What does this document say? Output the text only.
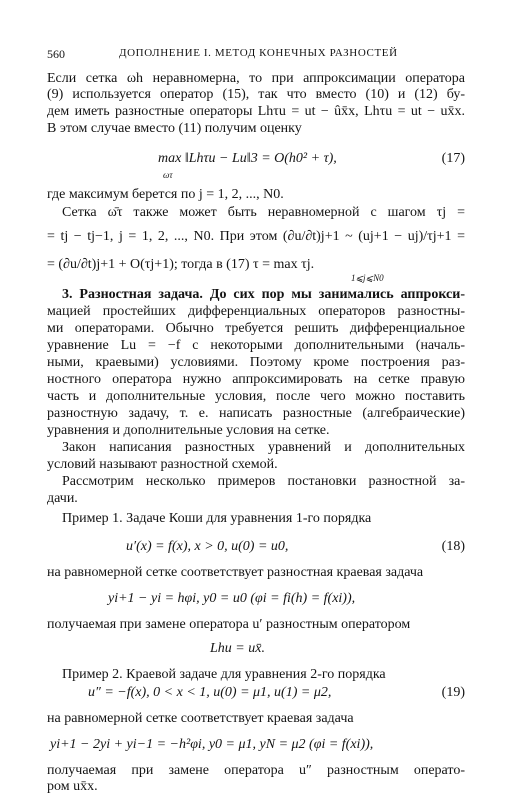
560	ДОПОЛНЕНИЕ I. МЕТОД КОНЕЧНЫХ РАЗНОСТЕЙ
Если сетка ωh неравномерна, то при аппроксимации оператора
(9) используется оператор (15), так что вместо (10) и (12) бу-
дем иметь разностные операторы Lhτu = ut − ûx̄x, Lhτu = ut − ux̄x.
В этом случае вместо (11) получим оценку
max ‖Lhτu − Lu‖3 = O(h0² + τ),
ωτ
(17)
где максимум берется по j = 1, 2, ..., N0.
Сетка ω̄τ также может быть неравномерной с шагом τj =
= tj − tj−1, j = 1, 2, ..., N0. При этом (∂u/∂t)j+1 ~ (uj+1 − uj)/τj+1 =
= (∂u/∂t)j+1 + O(τj+1); тогда в (17) τ = max τj.
1⩽j⩽N0
3. Разностная задача. До сих пор мы занимались аппрокси-
мацией простейших дифференциальных операторов разностны-
ми операторами. Обычно требуется решить дифференциальное
уравнение Lu = −f с некоторыми дополнительными (началь-
ными, краевыми) условиями. Поэтому кроме построения раз-
ностного оператора нужно аппроксимировать на сетке правую
часть и дополнительные условия, после чего можно поставить
разностную задачу, т. е. написать разностные (алгебраические)
уравнения и дополнительные условия на сетке.
Закон написания разностных уравнений и дополнительных
условий называют разностной схемой.
Рассмотрим несколько примеров постановки разностной за-
дачи.
Пример 1. Задаче Коши для уравнения 1-го порядка
u′(x) = f(x), x > 0, u(0) = u0,	(18)
на равномерной сетке соответствует разностная краевая задача
yi+1 − yi = hφi, y0 = u0 (φi = fi(h) = f(xi)),
получаемая при замене оператора u′ разностным оператором
Lhu = ux̄.
Пример 2. Краевой задаче для уравнения 2-го порядка
u″ = −f(x), 0 < x < 1, u(0) = μ1, u(1) = μ2,	(19)
на равномерной сетке соответствует краевая задача
yi+1 − 2yi + yi−1 = −h²φi, y0 = μ1, yN = μ2 (φi = f(xi)),
получаемая при замене оператора u″ разностным операто-
ром ux̄x.
